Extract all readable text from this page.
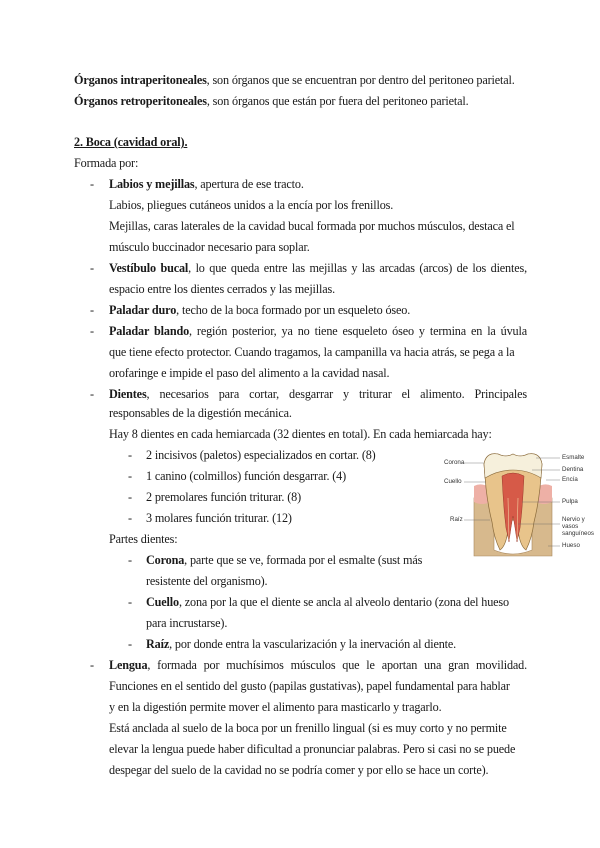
Órganos intraperitoneales, son órganos que se encuentran por dentro del peritoneo parietal.
Órganos retroperitoneales, son órganos que están por fuera del peritoneo parietal.
2. Boca (cavidad oral).
Formada por:
- Labios y mejillas, apertura de ese tracto.
Labios, pliegues cutáneos unidos a la encía por los frenillos.
Mejillas, caras laterales de la cavidad bucal formada por muchos músculos, destaca el
músculo buccinador necesario para soplar.
- Vestíbulo bucal, lo que queda entre las mejillas y las arcadas (arcos) de los dientes,
espacio entre los dientes cerrados y las mejillas.
- Paladar duro, techo de la boca formado por un esqueleto óseo.
- Paladar blando, región posterior, ya no tiene esqueleto óseo y termina en la úvula
que tiene efecto protector. Cuando tragamos, la campanilla va hacia atrás, se pega a la
orofaringe e impide el paso del alimento a la cavidad nasal.
- Dientes, necesarios para cortar, desgarrar y triturar el alimento. Principales
responsables de la digestión mecánica.
Hay 8 dientes en cada hemiarcada (32 dientes en total). En cada hemiarcada hay:
- 2 incisivos (paletos) especializados en cortar. (8)
- 1 canino (colmillos) función desgarrar. (4)
- 2 premolares función triturar. (8)
- 3 molares función triturar. (12)
Partes dientes:
- Corona, parte que se ve, formada por el esmalte (sust más
resistente del organismo).
- Cuello, zona por la que el diente se ancla al alveolo dentario (zona del hueso
para incrustarse).
- Raíz, por donde entra la vascularización y la inervación al diente.
- Lengua, formada por muchísimos músculos que le aportan una gran movilidad.
Funciones en el sentido del gusto (papilas gustativas), papel fundamental para hablar
y en la digestión permite mover el alimento para masticarlo y tragarlo.
Está anclada al suelo de la boca por un frenillo lingual (si es muy corto y no permite
elevar la lengua puede haber dificultad a pronunciar palabras. Pero si casi no se puede
despegar del suelo de la cavidad no se podría comer y por ello se hace un corte).
Corona
Cuello
Raíz
Esmalte
Dentina
Encía
Pulpa
Nervio y vasos sanguíneos
Hueso
